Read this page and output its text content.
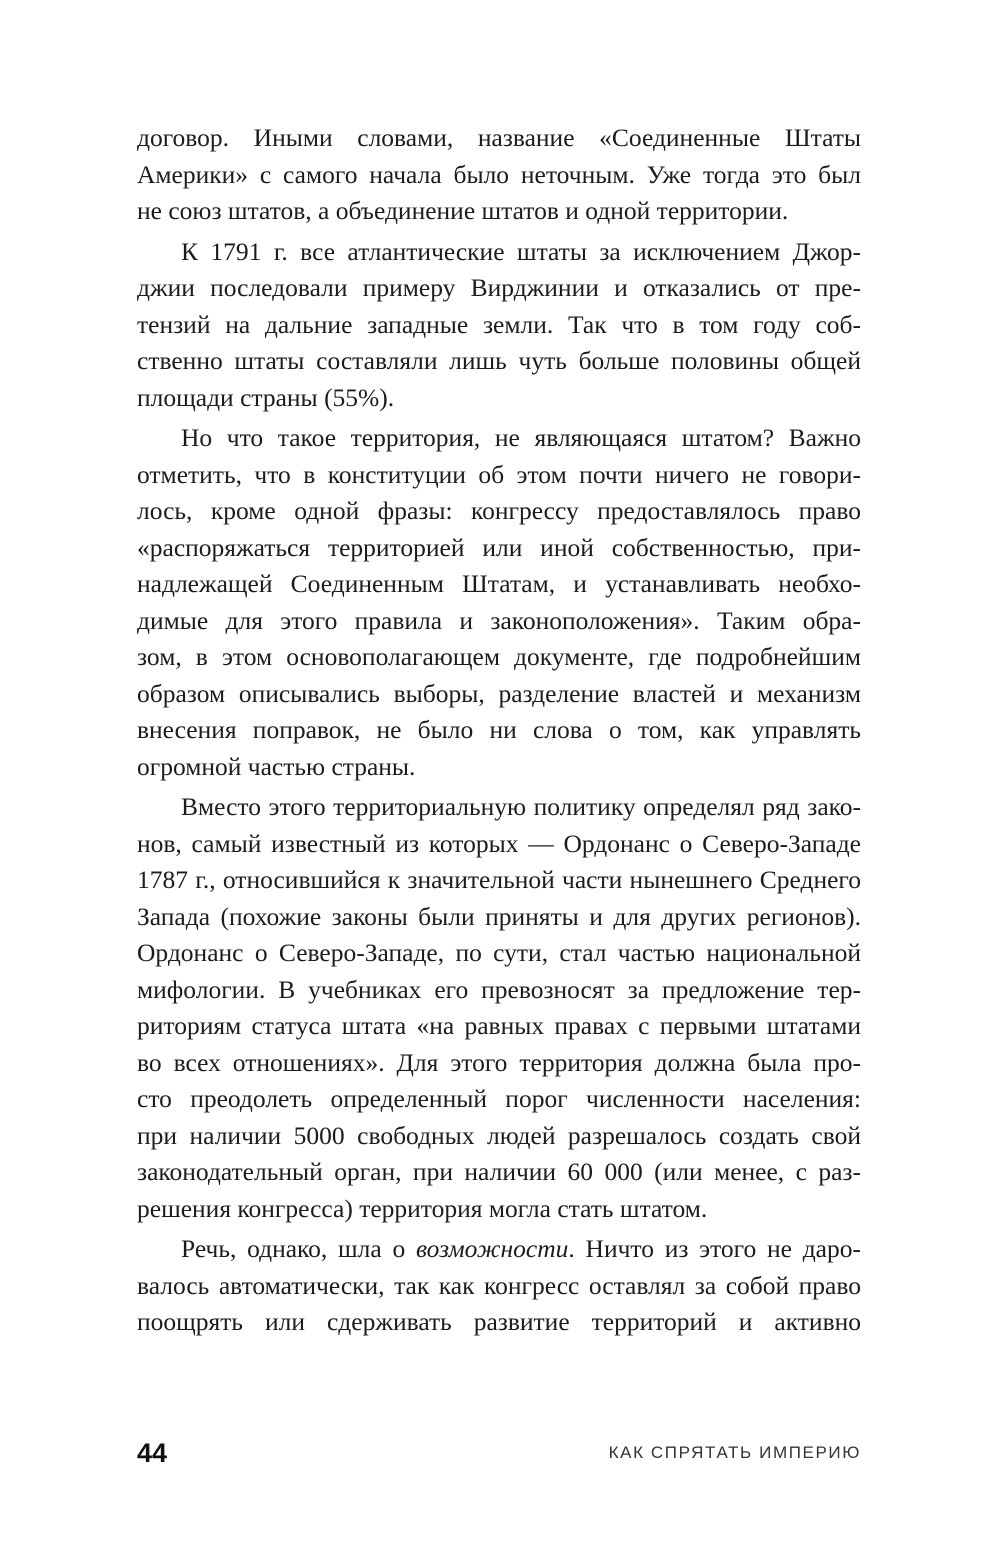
договор. Иными словами, название «Соединенные Штаты
Америки» с самого начала было неточным. Уже тогда это был
не союз штатов, а объединение штатов и одной территории.
К 1791 г. все атлантические штаты за исключением Джор-
джии последовали примеру Вирджинии и отказались от пре-
тензий на дальние западные земли. Так что в том году соб-
ственно штаты составляли лишь чуть больше половины общей
площади страны (55%).
Но что такое территория, не являющаяся штатом? Важно
отметить, что в конституции об этом почти ничего не говори-
лось, кроме одной фразы: конгрессу предоставлялось право
«распоряжаться территорией или иной собственностью, при-
надлежащей Соединенным Штатам, и устанавливать необхо-
димые для этого правила и законоположения». Таким обра-
зом, в этом основополагающем документе, где подробнейшим
образом описывались выборы, разделение властей и механизм
внесения поправок, не было ни слова о том, как управлять
огромной частью страны.
Вместо этого территориальную политику определял ряд зако-
нов, самый известный из которых — Ордонанс о Северо-Западе
1787 г., относившийся к значительной части нынешнего Среднего
Запада (похожие законы были приняты и для других регионов).
Ордонанс о Северо-Западе, по сути, стал частью национальной
мифологии. В учебниках его превозносят за предложение тер-
риториям статуса штата «на равных правах с первыми штатами
во всех отношениях». Для этого территория должна была про-
сто преодолеть определенный порог численности населения:
при наличии 5000 свободных людей разрешалось создать свой
законодательный орган, при наличии 60 000 (или менее, с раз-
решения конгресса) территория могла стать штатом.
Речь, однако, шла о возможности. Ничто из этого не даро-
валось автоматически, так как конгресс оставлял за собой право
поощрять или сдерживать развитие территорий и активно
44	КАК СПРЯТАТЬ ИМПЕРИЮ
